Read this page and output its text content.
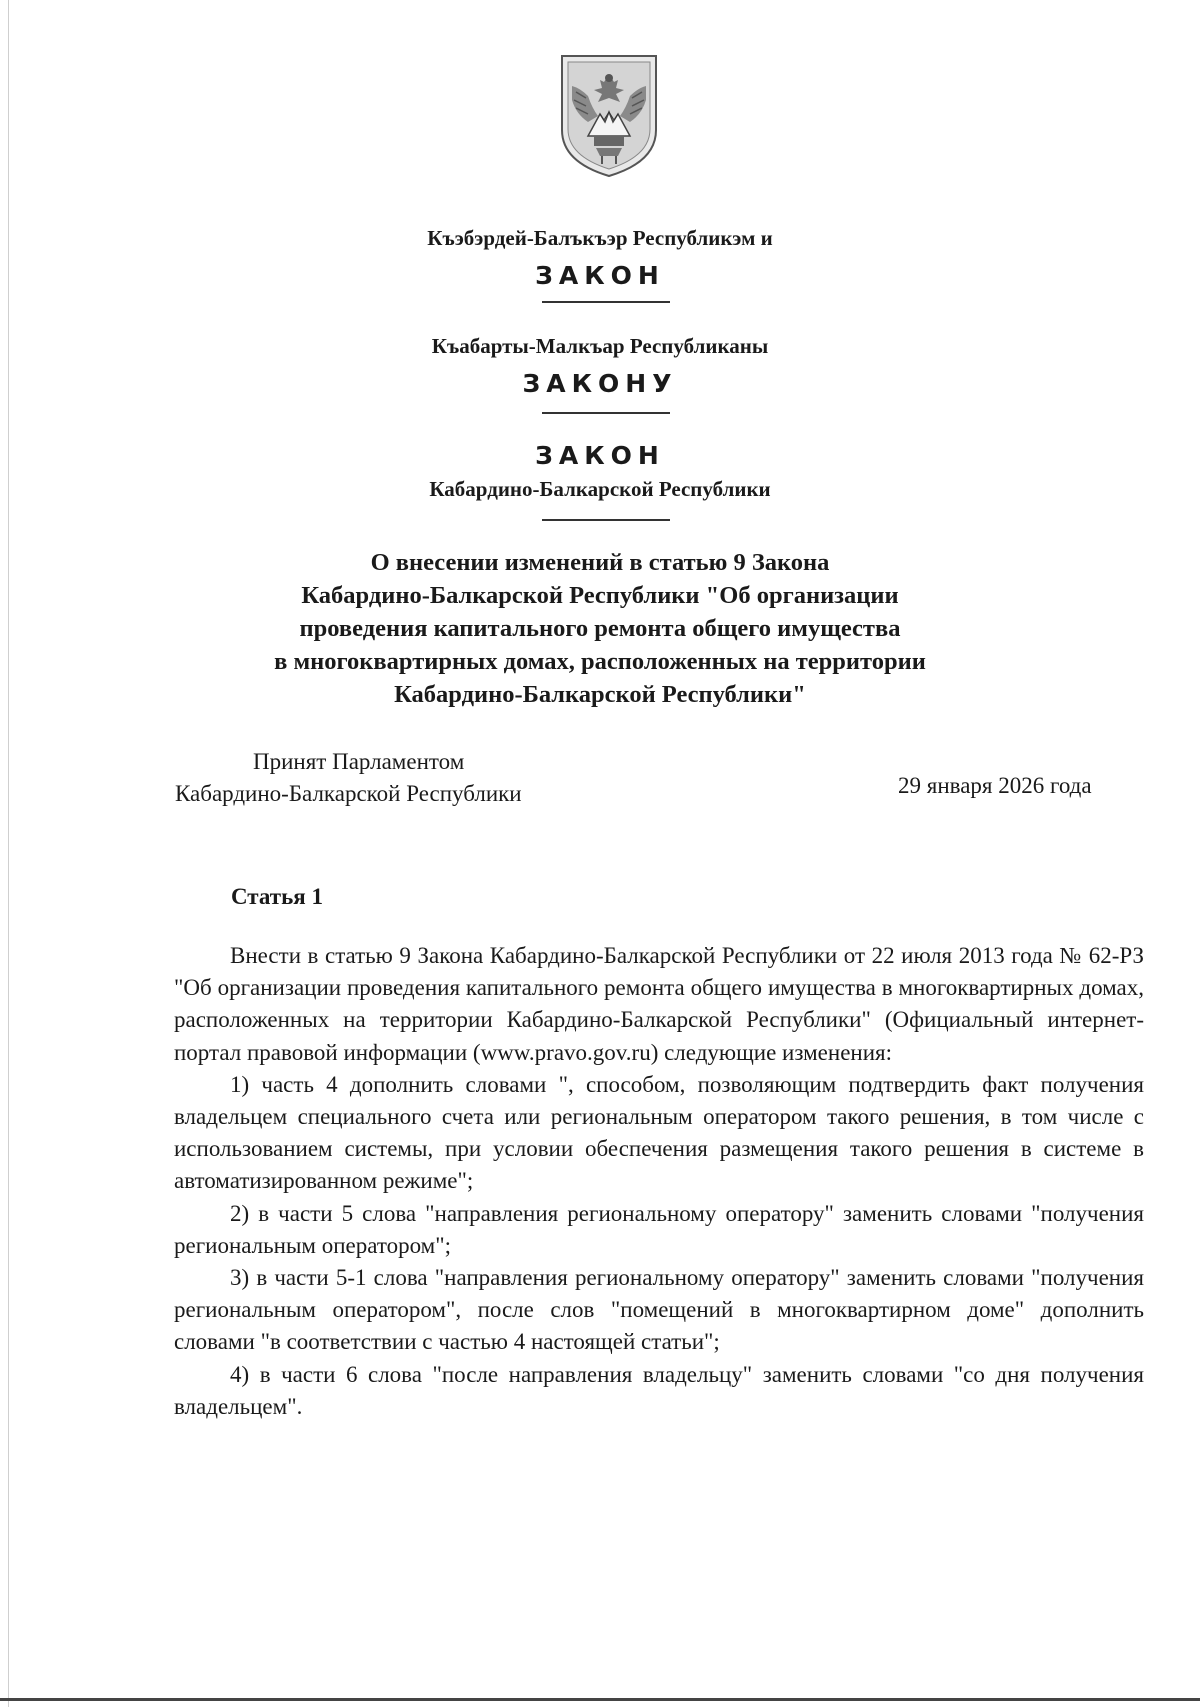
Къэбэрдей-Балъкъэр Республикэм и
ЗАКОН
Къабарты-Малкъар Республиканы
ЗАКОНУ
ЗАКОН
Кабардино-Балкарской Республики
О внесении изменений в статью 9 Закона
Кабардино-Балкарской Республики "Об организации
проведения капитального ремонта общего имущества
в многоквартирных домах, расположенных на территории
Кабардино-Балкарской Республики"
Принят Парламентом
Кабардино-Балкарской Республики	29 января 2026 года
Статья 1

Внести в статью 9 Закона Кабардино-Балкарской Республики от 22 июля 2013 года № 62-РЗ "Об организации проведения капитального ремонта общего имущества в многоквартирных домах, расположенных на территории Кабардино-Балкарской Республики" (Официальный интернет-портал правовой информации (www.pravo.gov.ru) следующие изменения:

1) часть 4 дополнить словами ", способом, позволяющим подтвердить факт получения владельцем специального счета или региональным оператором такого решения, в том числе с использованием системы, при условии обеспечения размещения такого решения в системе в автоматизированном режиме";

2) в части 5 слова "направления региональному оператору" заменить словами "получения региональным оператором";

3) в части 5-1 слова "направления региональному оператору" заменить словами "получения региональным оператором", после слов "помещений в многоквартирном доме" дополнить словами "в соответствии с частью 4 настоящей статьи";

4) в части 6 слова "после направления владельцу" заменить словами "со дня получения владельцем".
